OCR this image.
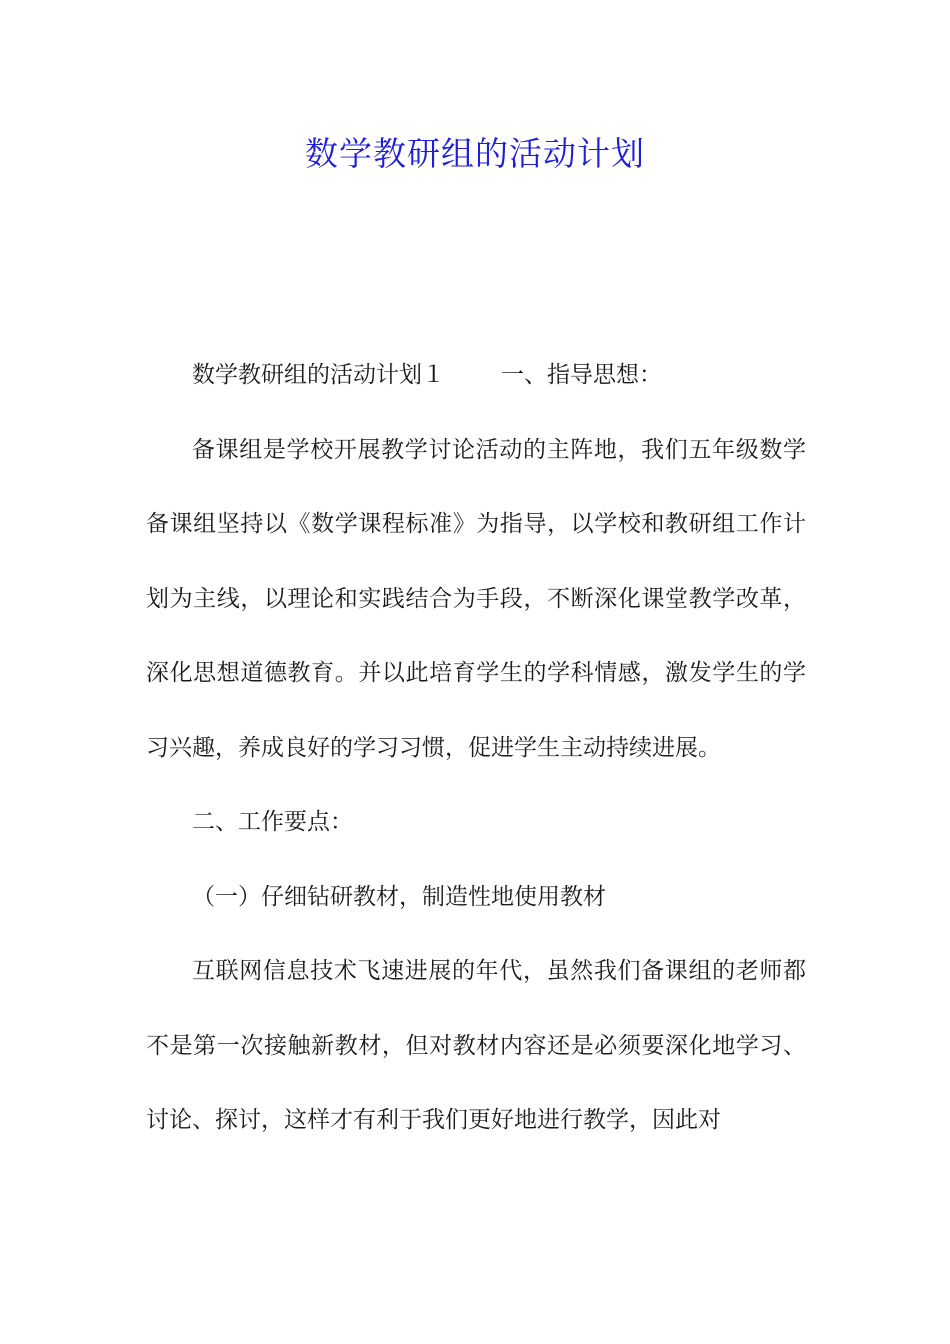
数学教研组的活动计划

数学教研组的活动计划１ 一、指导思想：

备课组是学校开展教学讨论活动的主阵地，我们五年级数学备课组坚持以《数学课程标准》为指导，以学校和教研组工作计划为主线，以理论和实践结合为手段，不断深化课堂教学改革，深化思想道德教育。并以此培育学生的学科情感，激发学生的学习兴趣，养成良好的学习习惯，促进学生主动持续进展。

二、工作要点：

（一）仔细钻研教材，制造性地使用教材

互联网信息技术飞速进展的年代，虽然我们备课组的老师都不是第一次接触新教材，但对教材内容还是必须要深化地学习、讨论、探讨，这样才有利于我们更好地进行教学，因此对
